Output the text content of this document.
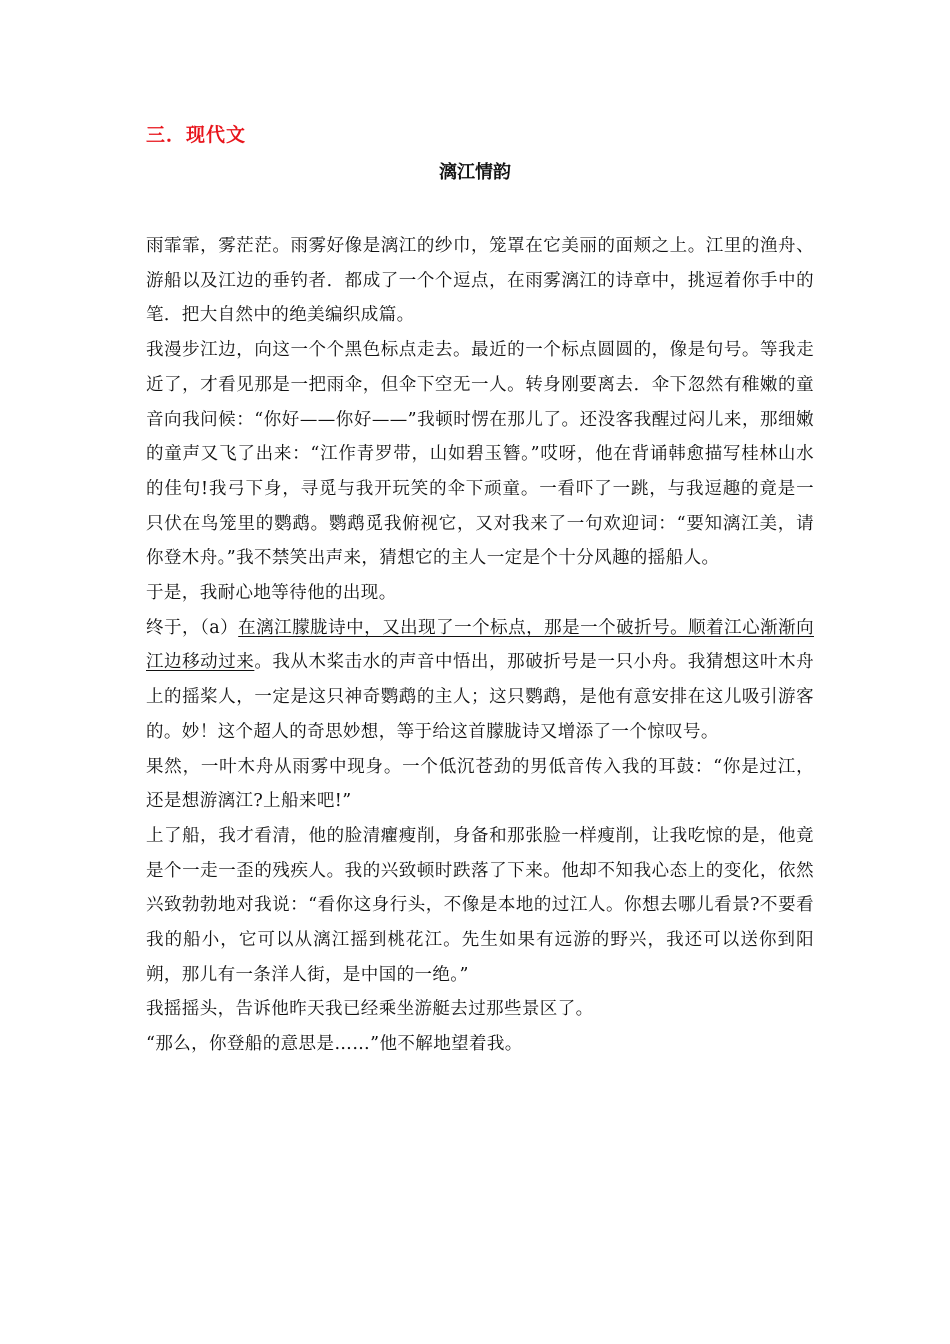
三．现代文
漓江情韵

雨霏霏，雾茫茫。雨雾好像是漓江的纱巾，笼罩在它美丽的面颊之上。江里的渔舟、游船以及江边的垂钓者．都成了一个个逗点，在雨雾漓江的诗章中，挑逗着你手中的笔．把大自然中的绝美编织成篇。

我漫步江边，向这一个个黑色标点走去。最近的一个标点圆圆的，像是句号。等我走近了，才看见那是一把雨伞，但伞下空无一人。转身刚要离去．伞下忽然有稚嫩的童音向我问候：“你好——你好——”我顿时愣在那儿了。还没客我醒过闷儿来，那细嫩的童声又飞了出来：“江作青罗带，山如碧玉簪。”哎呀，他在背诵韩愈描写桂林山水的佳句!我弓下身，寻觅与我开玩笑的伞下顽童。一看吓了一跳，与我逗趣的竟是一只伏在鸟笼里的鹦鹉。鹦鹉觅我俯视它，又对我来了一句欢迎词：“要知漓江美，请你登木舟。”我不禁笑出声来，猜想它的主人一定是个十分风趣的摇船人。

于是，我耐心地等待他的出现。

终于，（a）在漓江朦胧诗中，又出现了一个标点，那是一个破折号。顺着江心渐渐向江边移动过来。我从木桨击水的声音中悟出，那破折号是一只小舟。我猜想这叶木舟上的摇桨人，一定是这只神奇鹦鹉的主人；这只鹦鹉，是他有意安排在这儿吸引游客的。妙！这个超人的奇思妙想，等于给这首朦胧诗又增添了一个惊叹号。

果然，一叶木舟从雨雾中现身。一个低沉苍劲的男低音传入我的耳鼓：“你是过江，还是想游漓江?上船来吧!”

上了船，我才看清，他的脸清癯瘦削，身备和那张脸一样瘦削，让我吃惊的是，他竟是个一走一歪的残疾人。我的兴致顿时跌落了下来。他却不知我心态上的变化，依然兴致勃勃地对我说：“看你这身行头，不像是本地的过江人。你想去哪儿看景?不要看我的船小，它可以从漓江摇到桃花江。先生如果有远游的野兴，我还可以送你到阳朔，那儿有一条洋人街，是中国的一绝。”

我摇摇头，告诉他昨天我已经乘坐游艇去过那些景区了。

“那么，你登船的意思是……”他不解地望着我。
